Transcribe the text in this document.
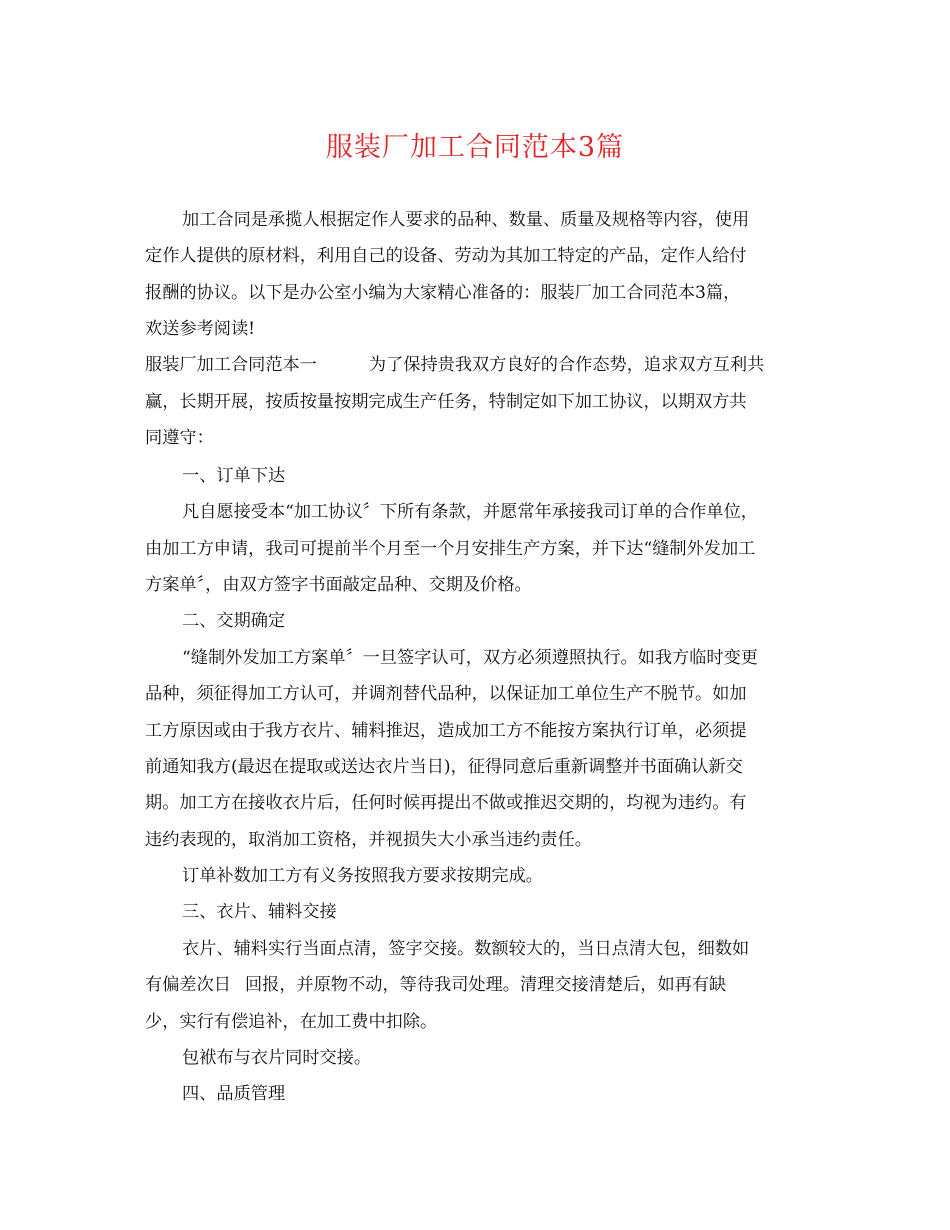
服装厂加工合同范本3篇
加工合同是承揽人根据定作人要求的品种、数量、质量及规格等内容，使用
定作人提供的原材料，利用自己的设备、劳动为其加工特定的产品，定作人给付
报酬的协议。以下是办公室小编为大家精心准备的：服装厂加工合同范本3篇，
欢送参考阅读!
服装厂加工合同范本一	为了保持贵我双方良好的合作态势，追求双方互利共
赢，长期开展，按质按量按期完成生产任务，特制定如下加工协议，以期双方共
同遵守：
一、订单下达
凡自愿接受本“加工协议〞下所有条款，并愿常年承接我司订单的合作单位，
由加工方申请，我司可提前半个月至一个月安排生产方案，并下达“缝制外发加工
方案单〞，由双方签字书面敲定品种、交期及价格。
二、交期确定
“缝制外发加工方案单〞一旦签字认可，双方必须遵照执行。如我方临时变更
品种，须征得加工方认可，并调剂替代品种，以保证加工单位生产不脱节。如加
工方原因或由于我方衣片、辅料推迟，造成加工方不能按方案执行订单，必须提
前通知我方(最迟在提取或送达衣片当日)，征得同意后重新调整并书面确认新交
期。加工方在接收衣片后，任何时候再提出不做或推迟交期的，均视为违约。有
违约表现的，取消加工资格，并视损失大小承当违约责任。
订单补数加工方有义务按照我方要求按期完成。
三、衣片、辅料交接
衣片、辅料实行当面点清，签字交接。数额较大的，当日点清大包，细数如
有偏差次日 回报，并原物不动，等待我司处理。清理交接清楚后，如再有缺
少，实行有偿追补，在加工费中扣除。
包袱布与衣片同时交接。
四、品质管理
